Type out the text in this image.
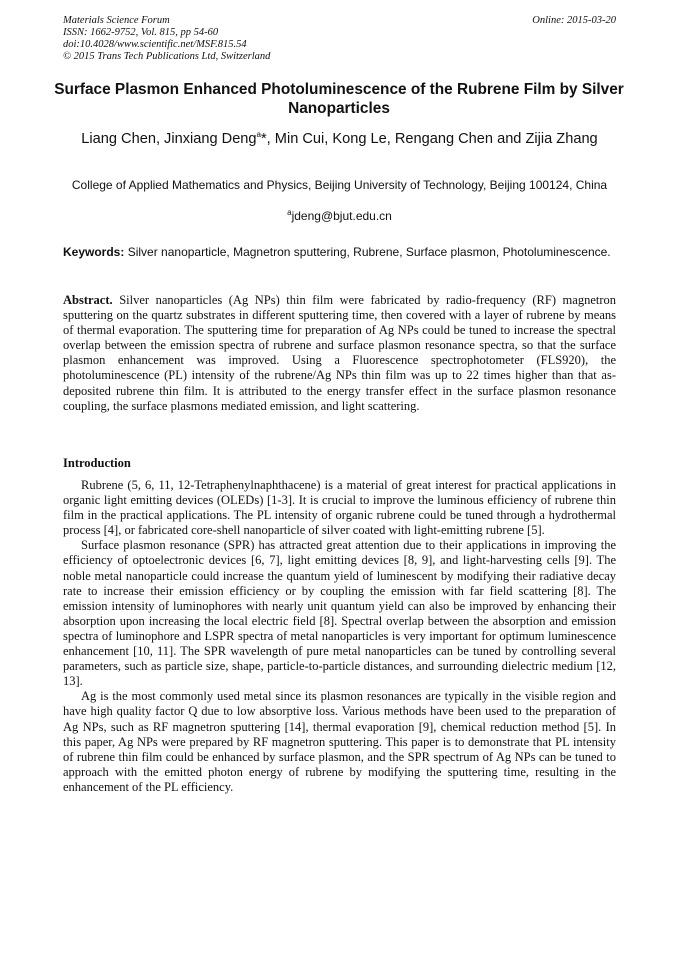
Materials Science Forum
ISSN: 1662-9752, Vol. 815, pp 54-60
doi:10.4028/www.scientific.net/MSF.815.54
© 2015 Trans Tech Publications Ltd, Switzerland
Online: 2015-03-20
Surface Plasmon Enhanced Photoluminescence of the Rubrene Film by Silver Nanoparticles
Liang Chen, Jinxiang Deng$^a$*, Min Cui, Kong Le, Rengang Chen and Zijia Zhang
College of Applied Mathematics and Physics, Beijing University of Technology, Beijing 100124, China
$^a$jdeng@bjut.edu.cn
Keywords: Silver nanoparticle, Magnetron sputtering, Rubrene, Surface plasmon, Photoluminescence.
Abstract. Silver nanoparticles (Ag NPs) thin film were fabricated by radio-frequency (RF) magnetron sputtering on the quartz substrates in different sputtering time, then covered with a layer of rubrene by means of thermal evaporation. The sputtering time for preparation of Ag NPs could be tuned to increase the spectral overlap between the emission spectra of rubrene and surface plasmon resonance spectra, so that the surface plasmon enhancement was improved. Using a Fluorescence spectrophotometer (FLS920), the photoluminescence (PL) intensity of the rubrene/Ag NPs thin film was up to 22 times higher than that as-deposited rubrene thin film. It is attributed to the energy transfer effect in the surface plasmon resonance coupling, the surface plasmons mediated emission, and light scattering.
Introduction

Rubrene (5, 6, 11, 12-Tetraphenylnaphthacene) is a material of great interest for practical applications in organic light emitting devices (OLEDs) [1-3]. It is crucial to improve the luminous efficiency of rubrene thin film in the practical applications. The PL intensity of organic rubrene could be tuned through a hydrothermal process [4], or fabricated core-shell nanoparticle of silver coated with light-emitting rubrene [5].

Surface plasmon resonance (SPR) has attracted great attention due to their applications in improving the efficiency of optoelectronic devices [6, 7], light emitting devices [8, 9], and light-harvesting cells [9]. The noble metal nanoparticle could increase the quantum yield of luminescent by modifying their radiative decay rate to increase their emission efficiency or by coupling the emission with far field scattering [8]. The emission intensity of luminophores with nearly unit quantum yield can also be improved by enhancing their absorption upon increasing the local electric field [8]. Spectral overlap between the absorption and emission spectra of luminophore and LSPR spectra of metal nanoparticles is very important for optimum luminescence enhancement [10, 11]. The SPR wavelength of pure metal nanoparticles can be tuned by controlling several parameters, such as particle size, shape, particle-to-particle distances, and surrounding dielectric medium [12, 13].

Ag is the most commonly used metal since its plasmon resonances are typically in the visible region and have high quality factor Q due to low absorptive loss. Various methods have been used to the preparation of Ag NPs, such as RF magnetron sputtering [14], thermal evaporation [9], chemical reduction method [5]. In this paper, Ag NPs were prepared by RF magnetron sputtering. This paper is to demonstrate that PL intensity of rubrene thin film could be enhanced by surface plasmon, and the SPR spectrum of Ag NPs can be tuned to approach with the emitted photon energy of rubrene by modifying the sputtering time, resulting in the enhancement of the PL efficiency.
